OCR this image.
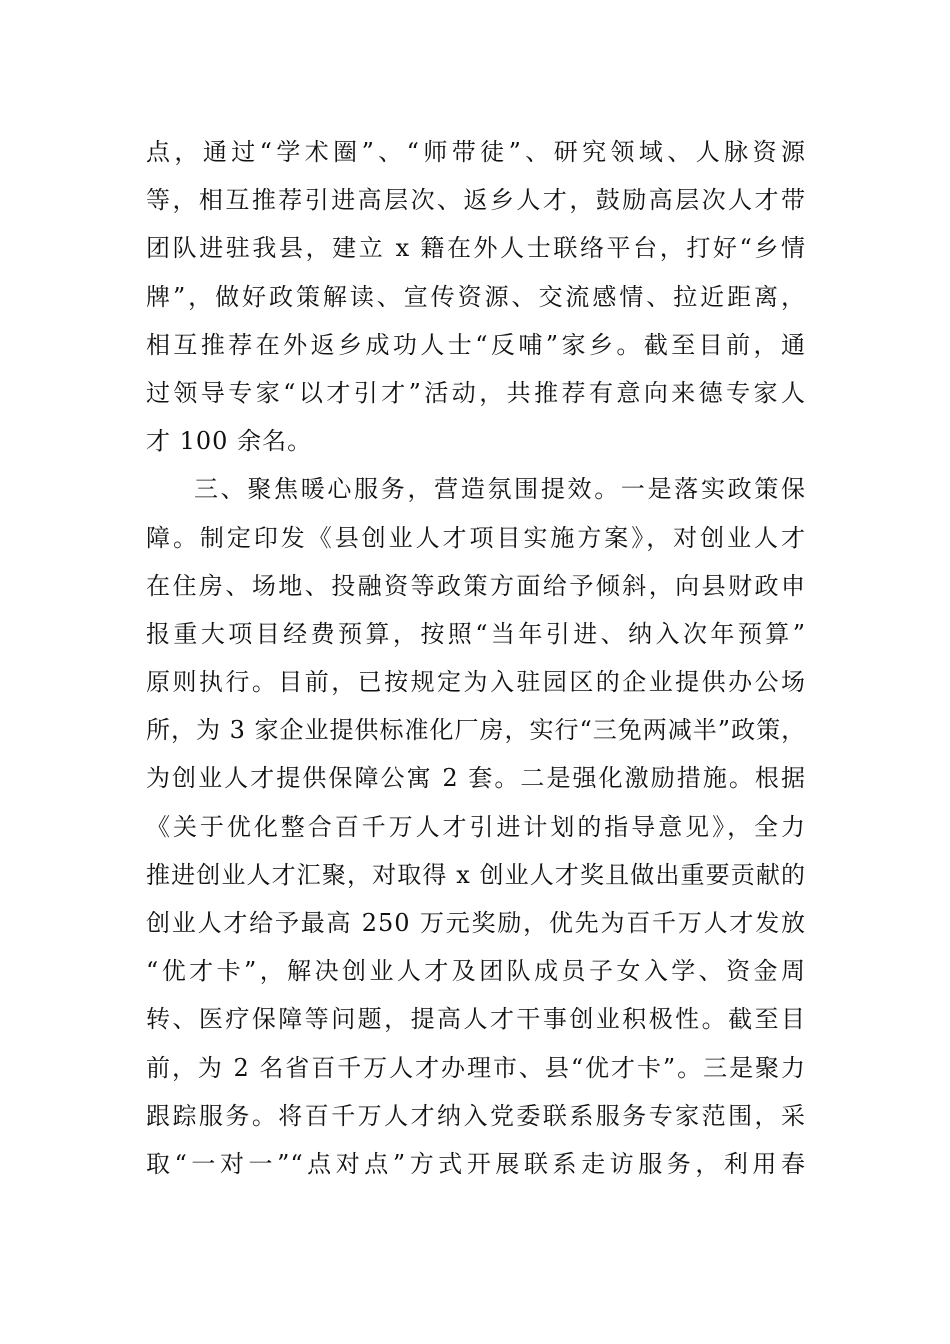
点，通过“学术圈”、“师带徒”、研究领域、人脉资源
等，相互推荐引进高层次、返乡人才，鼓励高层次人才带
团队进驻我县，建立 x 籍在外人士联络平台，打好“乡情
牌”，做好政策解读、宣传资源、交流感情、拉近距离，
相互推荐在外返乡成功人士“反哺”家乡。截至目前，通
过领导专家“以才引才”活动，共推荐有意向来德专家人
才 100 余名。
三、聚焦暖心服务，营造氛围提效。一是落实政策保
障。制定印发《县创业人才项目实施方案》，对创业人才
在住房、场地、投融资等政策方面给予倾斜，向县财政申
报重大项目经费预算，按照“当年引进、纳入次年预算”
原则执行。目前，已按规定为入驻园区的企业提供办公场
所，为 3 家企业提供标准化厂房，实行“三免两减半”政策，
为创业人才提供保障公寓 2 套。二是强化激励措施。根据
《关于优化整合百千万人才引进计划的指导意见》，全力
推进创业人才汇聚，对取得 x 创业人才奖且做出重要贡献的
创业人才给予最高 250 万元奖励，优先为百千万人才发放
“优才卡”，解决创业人才及团队成员子女入学、资金周
转、医疗保障等问题，提高人才干事创业积极性。截至目
前，为 2 名省百千万人才办理市、县“优才卡”。三是聚力
跟踪服务。将百千万人才纳入党委联系服务专家范围，采
取“一对一”“点对点”方式开展联系走访服务，利用春
